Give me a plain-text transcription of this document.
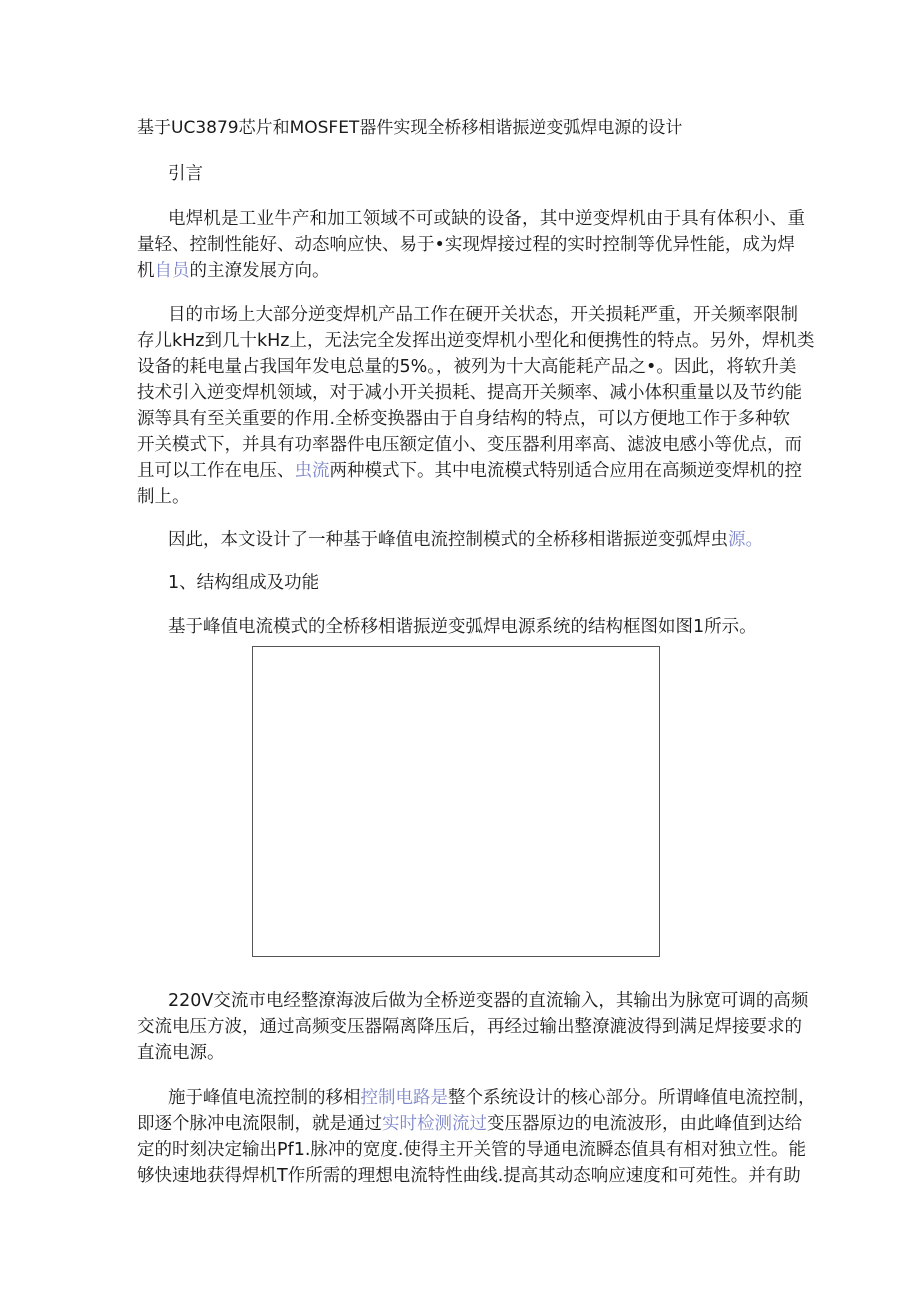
基于UC3879芯片和MOSFET器件实现全桥移相谐振逆变弧焊电源的设计
引言
电焊机是工业牛产和加工领域不可或缺的设备，其中逆变焊机由于具有体积小、重
量轻、控制性能好、动态响应快、易于•实现焊接过程的实时控制等优异性能，成为焊
机自员的主潦发展方向。
目的市场上大部分逆变焊机产品工作在硬开关状态，开关损耗严重，开关频率限制
存儿kHz到几十kHz上，无法完全发挥出逆变焊机小型化和便携性的特点。另外，焊机类
设备的耗电量占我国年发电总量的5%。，被列为十大高能耗产品之•。因此，将软升美
技术引入逆变焊机领域，对于减小开关损耗、提高开关频率、减小体积重量以及节约能
源等具有至关重要的作用.全桥变换器由于自身结构的特点，可以方便地工作于多种软
开关模式下，并具有功率器件电压额定值小、变压器利用率高、滤波电感小等优点，而
且可以工作在电压、虫流两种模式下。其中电流模式特别适合应用在高频逆变焊机的控
制上。
因此，本文设计了一种基于峰值电流控制模式的全桥移相谐振逆变弧焊虫源。
1、结构组成及功能
基于峰值电流模式的全桥移相谐振逆变弧焊电源系统的结构框图如图1所示。
220V交流市电经整潦海波后做为全桥逆变器的直流输入，其输出为脉宽可调的高频
交流电压方波，通过高频变压器隔离降压后，再经过输出整潦漉波得到满足焊接要求的
直流电源。
施于峰值电流控制的移相控制电路是整个系统设计的核心部分。所谓峰值电流控制，
即逐个脉冲电流限制，就是通过实时检测流过变压器原边的电流波形，由此峰值到达给
定的时刻决定输出Pf1.脉冲的宽度.使得主开关管的导通电流瞬态值具有相对独立性。能
够快速地获得焊机T作所需的理想电流特性曲线.提高其动态响应速度和可苑性。并有助
